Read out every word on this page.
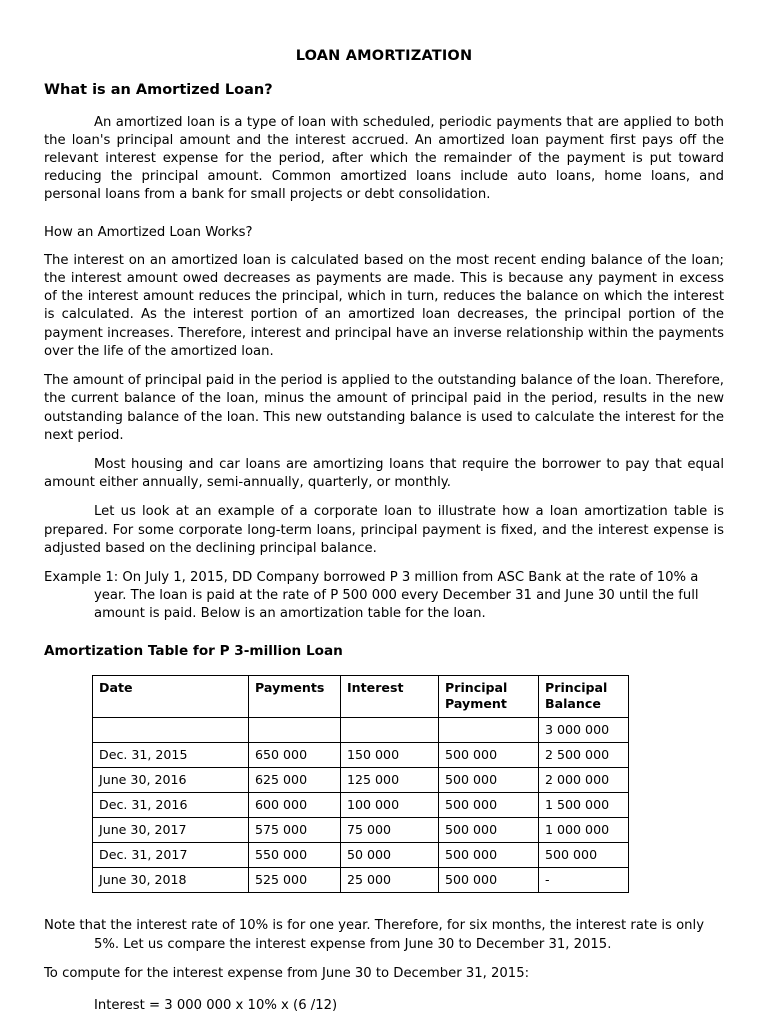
LOAN AMORTIZATION
What is an Amortized Loan?

An amortized loan is a type of loan with scheduled, periodic payments that are applied to both the loan's principal amount and the interest accrued. An amortized loan payment first pays off the relevant interest expense for the period, after which the remainder of the payment is put toward reducing the principal amount. Common amortized loans include auto loans, home loans, and personal loans from a bank for small projects or debt consolidation.

How an Amortized Loan Works?

The interest on an amortized loan is calculated based on the most recent ending balance of the loan; the interest amount owed decreases as payments are made. This is because any payment in excess of the interest amount reduces the principal, which in turn, reduces the balance on which the interest is calculated. As the interest portion of an amortized loan decreases, the principal portion of the payment increases. Therefore, interest and principal have an inverse relationship within the payments over the life of the amortized loan.

The amount of principal paid in the period is applied to the outstanding balance of the loan. Therefore, the current balance of the loan, minus the amount of principal paid in the period, results in the new outstanding balance of the loan. This new outstanding balance is used to calculate the interest for the next period.

Most housing and car loans are amortizing loans that require the borrower to pay that equal amount either annually, semi-annually, quarterly, or monthly.

Let us look at an example of a corporate loan to illustrate how a loan amortization table is prepared. For some corporate long-term loans, principal payment is fixed, and the interest expense is adjusted based on the declining principal balance.

Example 1: On July 1, 2015, DD Company borrowed P 3 million from ASC Bank at the rate of 10% a year. The loan is paid at the rate of P 500 000 every December 31 and June 30 until the full amount is paid. Below is an amortization table for the loan.

Amortization Table for P 3-million Loan

Date	Payments	Interest	Principal Payment	Principal Balance
				3 000 000
Dec. 31, 2015	650 000	150 000	500 000	2 500 000
June 30, 2016	625 000	125 000	500 000	2 000 000
Dec. 31, 2016	600 000	100 000	500 000	1 500 000
June 30, 2017	575 000	75 000	500 000	1 000 000
Dec. 31, 2017	550 000	50 000	500 000	500 000
June 30, 2018	525 000	25 000	500 000	-

Note that the interest rate of 10% is for one year. Therefore, for six months, the interest rate is only 5%. Let us compare the interest expense from June 30 to December 31, 2015.

To compute for the interest expense from June 30 to December 31, 2015:

Interest = 3 000 000 x 10% x (6 /12)
